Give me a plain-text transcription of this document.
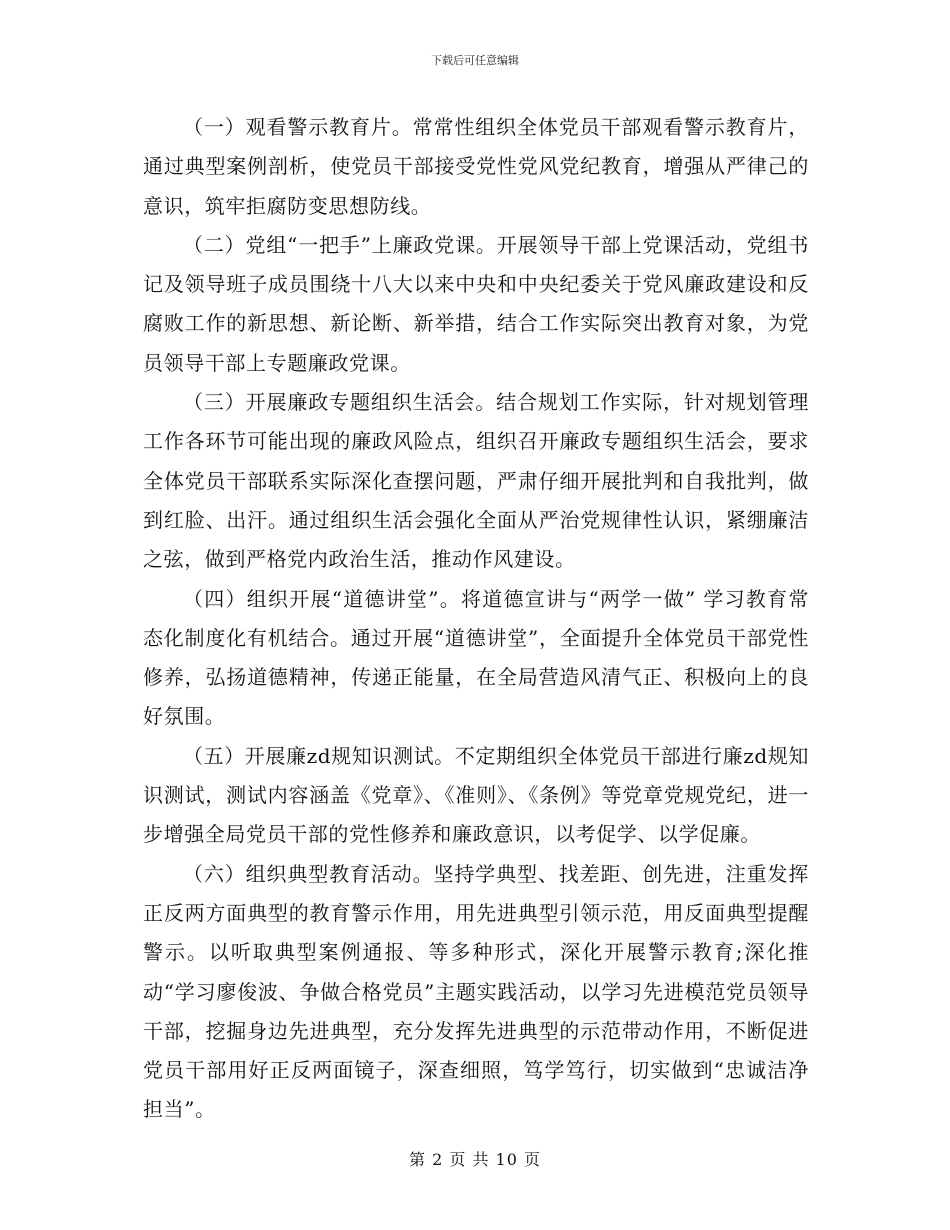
下载后可任意编辑

（一）观看警示教育片。常常性组织全体党员干部观看警示教育片，通过典型案例剖析，使党员干部接受党性党风党纪教育，增强从严律己的意识，筑牢拒腐防变思想防线。

（二）党组“一把手”上廉政党课。开展领导干部上党课活动，党组书记及领导班子成员围绕十八大以来中央和中央纪委关于党风廉政建设和反腐败工作的新思想、新论断、新举措，结合工作实际突出教育对象，为党员领导干部上专题廉政党课。

（三）开展廉政专题组织生活会。结合规划工作实际，针对规划管理工作各环节可能出现的廉政风险点，组织召开廉政专题组织生活会，要求全体党员干部联系实际深化查摆问题，严肃仔细开展批判和自我批判，做到红脸、出汗。通过组织生活会强化全面从严治党规律性认识，紧绷廉洁之弦，做到严格党内政治生活，推动作风建设。

（四）组织开展“道德讲堂”。将道德宣讲与“两学一做” 学习教育常态化制度化有机结合。通过开展“道德讲堂”，全面提升全体党员干部党性修养，弘扬道德精神，传递正能量，在全局营造风清气正、积极向上的良好氛围。

（五）开展廉zd规知识测试。不定期组织全体党员干部进行廉zd规知识测试，测试内容涵盖《党章》、《准则》、《条例》等党章党规党纪，进一步增强全局党员干部的党性修养和廉政意识，以考促学、以学促廉。

（六）组织典型教育活动。坚持学典型、找差距、创先进，注重发挥正反两方面典型的教育警示作用，用先进典型引领示范，用反面典型提醒警示。以听取典型案例通报、等多种形式，深化开展警示教育;深化推动“学习廖俊波、争做合格党员”主题实践活动，以学习先进模范党员领导干部，挖掘身边先进典型，充分发挥先进典型的示范带动作用，不断促进党员干部用好正反两面镜子，深查细照，笃学笃行，切实做到“忠诚洁净担当”。

第 2 页 共 10 页
